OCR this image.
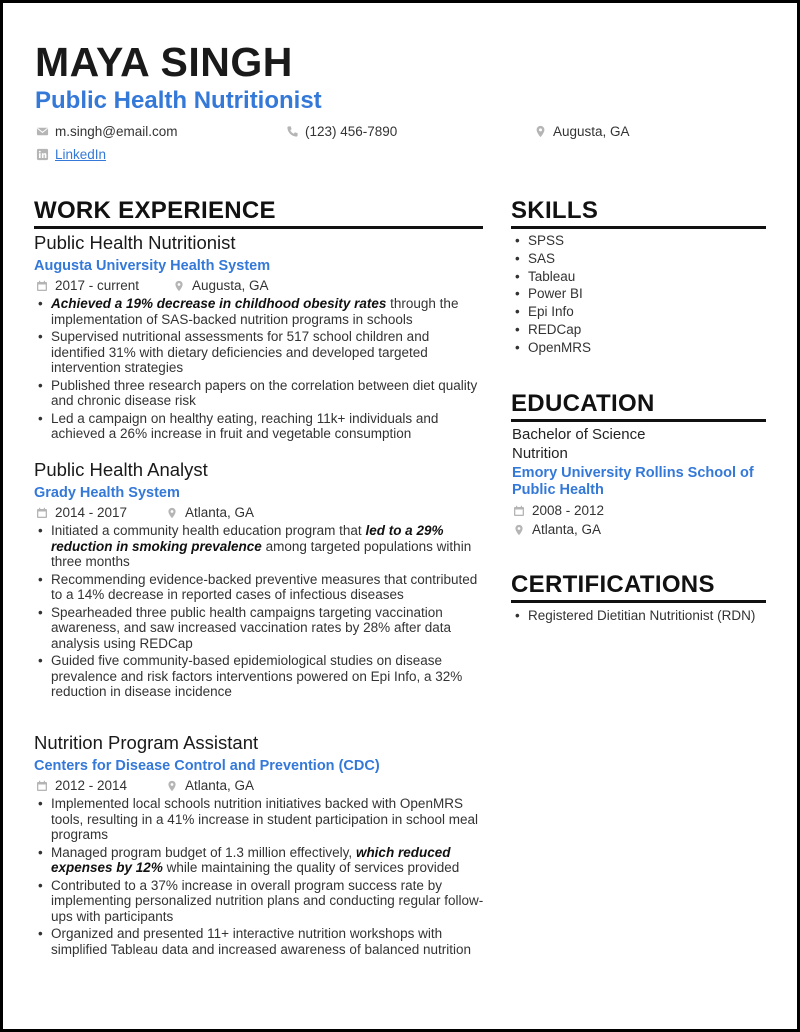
MAYA SINGH
Public Health Nutritionist
m.singh@email.com	(123) 456-7890	Augusta, GA
LinkedIn
WORK EXPERIENCE
Public Health Nutritionist
Augusta University Health System
2017 - current	Augusta, GA
• Achieved a 19% decrease in childhood obesity rates through the implementation of SAS-backed nutrition programs in schools
• Supervised nutritional assessments for 517 school children and identified 31% with dietary deficiencies and developed targeted intervention strategies
• Published three research papers on the correlation between diet quality and chronic disease risk
• Led a campaign on healthy eating, reaching 11k+ individuals and achieved a 26% increase in fruit and vegetable consumption
Public Health Analyst
Grady Health System
2014 - 2017	Atlanta, GA
• Initiated a community health education program that led to a 29% reduction in smoking prevalence among targeted populations within three months
• Recommending evidence-backed preventive measures that contributed to a 14% decrease in reported cases of infectious diseases
• Spearheaded three public health campaigns targeting vaccination awareness, and saw increased vaccination rates by 28% after data analysis using REDCap
• Guided five community-based epidemiological studies on disease prevalence and risk factors interventions powered on Epi Info, a 32% reduction in disease incidence
Nutrition Program Assistant
Centers for Disease Control and Prevention (CDC)
2012 - 2014	Atlanta, GA
• Implemented local schools nutrition initiatives backed with OpenMRS tools, resulting in a 41% increase in student participation in school meal programs
• Managed program budget of 1.3 million effectively, which reduced expenses by 12% while maintaining the quality of services provided
• Contributed to a 37% increase in overall program success rate by implementing personalized nutrition plans and conducting regular follow-ups with participants
• Organized and presented 11+ interactive nutrition workshops with simplified Tableau data and increased awareness of balanced nutrition
SKILLS
• SPSS
• SAS
• Tableau
• Power BI
• Epi Info
• REDCap
• OpenMRS
EDUCATION
Bachelor of Science
Nutrition
Emory University Rollins School of Public Health
2008 - 2012
Atlanta, GA
CERTIFICATIONS
• Registered Dietitian Nutritionist (RDN)
